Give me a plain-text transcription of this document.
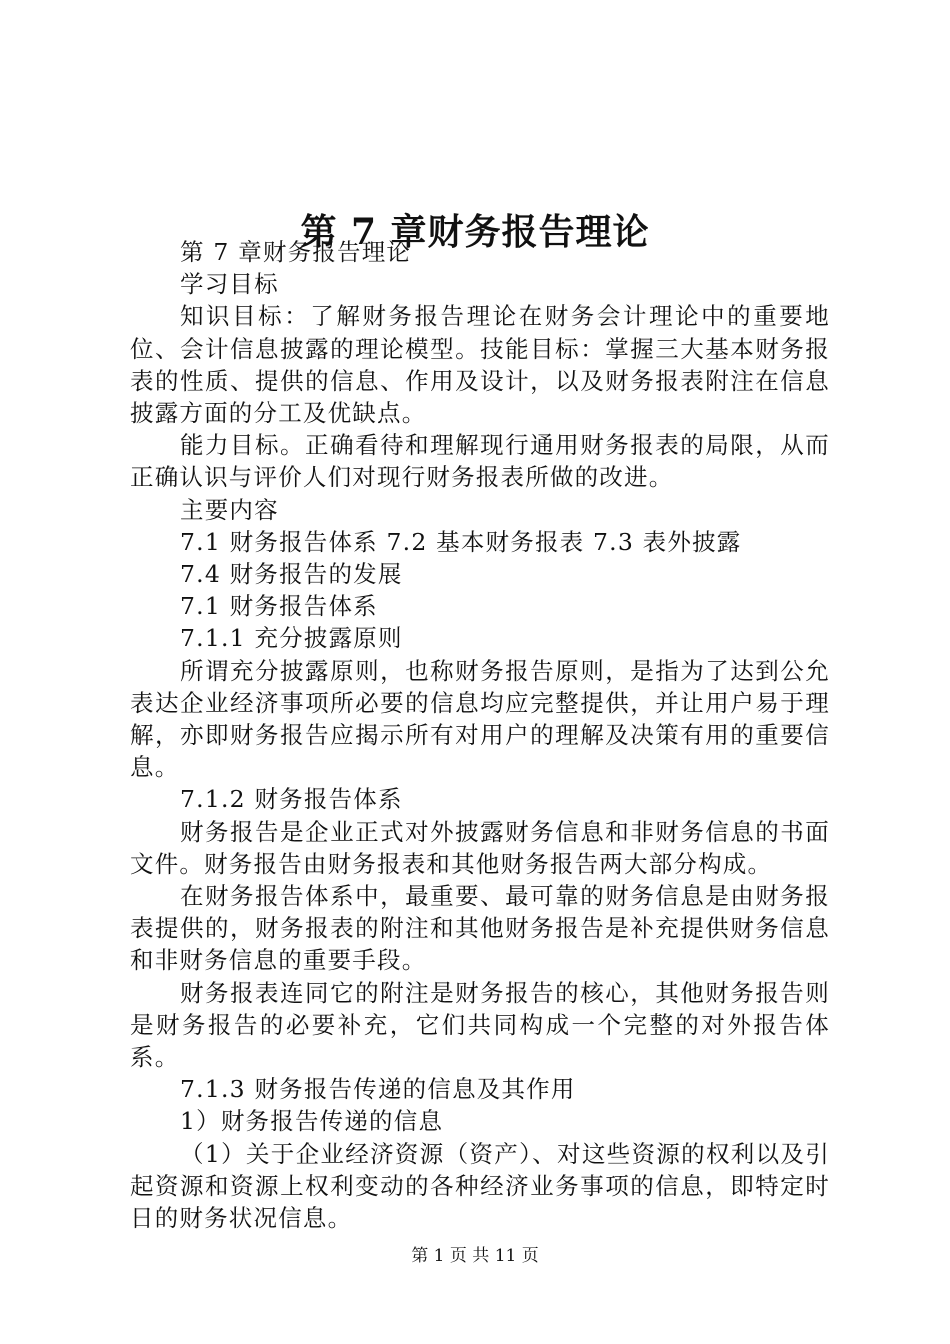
第 7 章财务报告理论

第 7 章财务报告理论

学习目标

知识目标：了解财务报告理论在财务会计理论中的重要地位、会计信息披露的理论模型。技能目标：掌握三大基本财务报表的性质、提供的信息、作用及设计，以及财务报表附注在信息披露方面的分工及优缺点。

能力目标。正确看待和理解现行通用财务报表的局限，从而正确认识与评价人们对现行财务报表所做的改进。

主要内容

7.1 财务报告体系 7.2 基本财务报表 7.3 表外披露

7.4 财务报告的发展

7.1 财务报告体系

7.1.1 充分披露原则

所谓充分披露原则，也称财务报告原则，是指为了达到公允表达企业经济事项所必要的信息均应完整提供，并让用户易于理解，亦即财务报告应揭示所有对用户的理解及决策有用的重要信息。

7.1.2 财务报告体系

财务报告是企业正式对外披露财务信息和非财务信息的书面文件。财务报告由财务报表和其他财务报告两大部分构成。

在财务报告体系中，最重要、最可靠的财务信息是由财务报表提供的，财务报表的附注和其他财务报告是补充提供财务信息和非财务信息的重要手段。

财务报表连同它的附注是财务报告的核心，其他财务报告则是财务报告的必要补充，它们共同构成一个完整的对外报告体系。

7.1.3 财务报告传递的信息及其作用

1）财务报告传递的信息

（1）关于企业经济资源（资产）、对这些资源的权利以及引起资源和资源上权利变动的各种经济业务事项的信息，即特定时日的财务状况信息。

第 1 页 共 11 页
